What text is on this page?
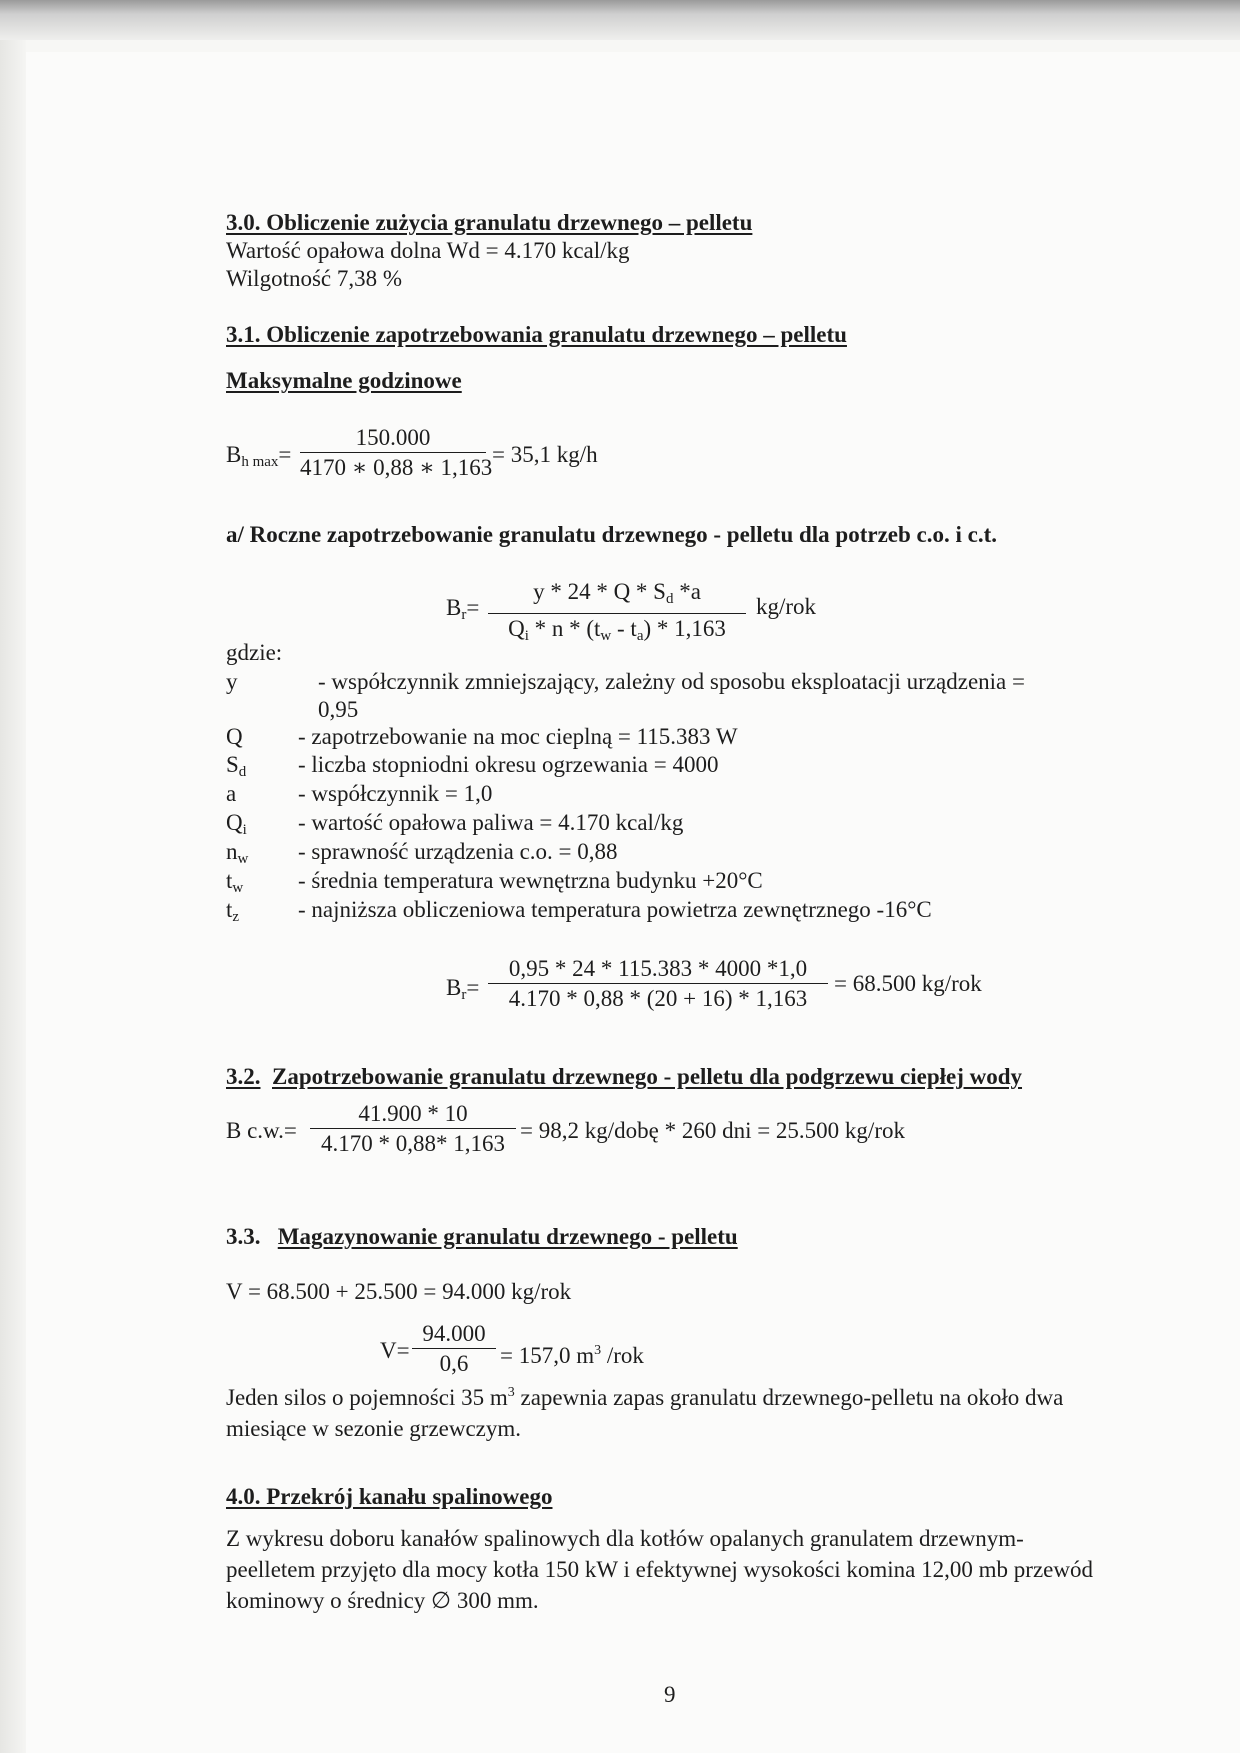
3.0. Obliczenie zużycia granulatu drzewnego – pelletu
Wartość opałowa dolna Wd = 4.170 kcal/kg
Wilgotność 7,38 %
3.1. Obliczenie zapotrzebowania granulatu drzewnego – pelletu
Maksymalne godzinowe
$B_{h max}= \frac{150.000}{4170 ∗ 0,88 ∗ 1,163} = 35,1$ kg/h
a/ Roczne zapotrzebowanie granulatu drzewnego - pelletu dla potrzeb c.o. i c.t.
$B_r= \frac{y * 24 * Q * S_d *a}{Q_i * n * (t_w - t_a) * 1,163} kg/rok$
gdzie:
y	- współczynnik zmniejszający, zależny od sposobu eksploatacji urządzenia =
0,95
Q - zapotrzebowanie na moc cieplną = 115.383 W
$S_d$ - liczba stopniodni okresu ogrzewania = 4000
a	- współczynnik = 1,0
$Q_i$ - wartość opałowa paliwa = 4.170 kcal/kg
$n_w$ - sprawność urządzenia c.o. = 0,88
$t_w$ - średnia temperatura wewnętrzna budynku +20°C
$t_z$	- najniższa obliczeniowa temperatura powietrza zewnętrznego -16°C
$B_r= \frac{0,95 * 24 * 115.383 * 4000 *1,0}{4.170 * 0,88 * (20 + 16) * 1,163} = 68.500$ kg/rok
3.2. Zapotrzebowanie granulatu drzewnego - pelletu dla podgrzewu ciepłej wody
B $c.w.= \frac{41.900 * 10}{4.170 * 0,88* 1,163} = 98,2$ kg/dobę * 260 dni = 25.500 kg/rok
3.3. Magazynowanie granulatu drzewnego - pelletu
V = 68.500 + 25.500 = 94.000 kg/rok
$V= \frac{94.000}{0,6} = 157,0$ $m^3$ /rok
Jeden silos o pojemności 35 $m^3$ zapewnia zapas granulatu drzewnego-pelletu na około dwa miesiące w sezonie grzewczym.
4.0. Przekrój kanału spalinowego
Z wykresu doboru kanałów spalinowych dla kotłów opalanych granulatem drzewnym-peelletem przyjęto dla mocy kotła 150 kW i efektywnej wysokości komina 12,00 mb przewód kominowy o średnicy ∅ 300 mm.
9
